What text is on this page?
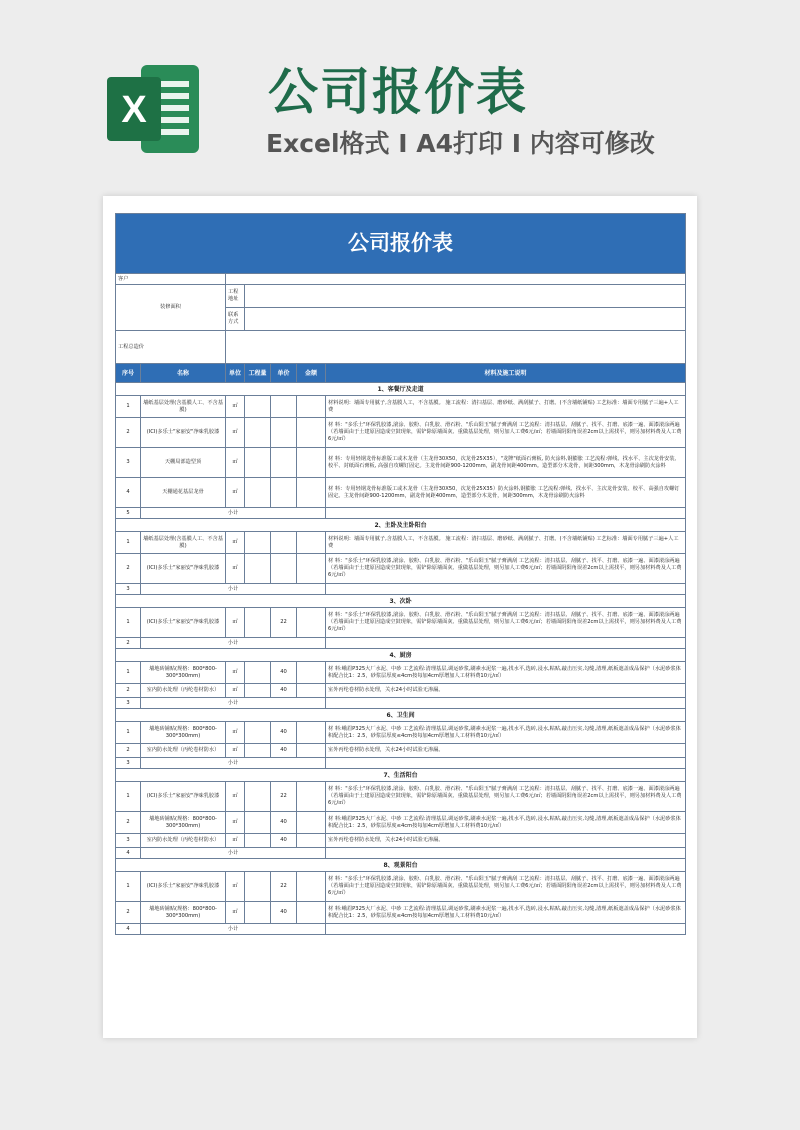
X 公司报价表
Excel格式 I A4打印 I 内容可修改
公司报价表						
客户						
装修面积		工程地址				
		联系方式				
工程总造价						
序号	名称	单位	工程量	单价	金额	材料及施工说明
1、客餐厅及走道						
1	墙纸基层处理(含基膜人工、不含基膜)	㎡				材料说明：墙面专用腻子,含基膜人工，不含基膜。 施工流程：清扫基层、磨砂纸、满刮腻子、打磨。(不含墙纸铺贴) 工艺标准：墙面专用腻子三遍+人工费
2	(ICI)多乐士"家丽安"净味乳胶漆	㎡				材 料："多乐士"环保乳胶漆,滚涂、胶粉、白乳胶、滑石粉、"乐山阳玉"腻子膏满刮 工艺流程：清扫基层、刮腻子、找平、打磨、底漆一遍、面漆滚涂两遍（若墙面由于土建原因造成空鼓现象，需铲除原墙面灰、重做基层处理，则另加人工费6元/㎡；若墙面阴阳角误差2cm以上需找平，则另加材料费及人工费6元/㎡）
3	天棚局部造型顶	㎡				材 料：专用轻钢龙骨标准版工或木龙骨（主龙骨30X50，次龙骨25X35），"龙牌"纸面石膏板, 防火涂料,钢膨胀 工艺流程:弹线、找水平、主次龙骨安装、校平、封纸面石膏板, 高强自攻螺钉固定。主龙骨间距900-1200mm，副龙骨间距400mm。造型部分木龙骨，间距300mm，木龙骨涂刷防火涂料
4	天棚通花基层龙骨	㎡				材 料：专用轻钢龙骨标准版工或木龙骨（主龙骨30X50，次龙骨25X35）防火涂料,钢膨胀 工艺流程:弹线、找水平、主次龙骨安装、校平、高强自攻螺钉固定。主龙骨间距900-1200mm，副龙骨间距400mm，造型部分木龙骨，间距300mm，木龙骨涂刷防火涂料
5	小计					
2、主卧及主卧阳台						
1	墙纸基层处理(含基膜人工、不含基膜)	㎡				材料说明：墙面专用腻子,含基膜人工，不含基膜。 施工流程：清扫基层、磨砂纸、满刮腻子、打磨。(不含墙纸铺贴) 工艺标准：墙面专用腻子三遍+人工费
2	(ICI)多乐士"家丽安"净味乳胶漆	㎡				材 料："多乐士"环保乳胶漆,滚涂、胶粉、白乳胶、滑石粉、"乐山阳玉"腻子膏满刮 工艺流程：清扫基层、刮腻子、找平、打磨、底漆一遍、面漆滚涂两遍（若墙面由于土建原因造成空鼓现象，需铲除原墙面灰、重做基层处理，则另加人工费6元/㎡；若墙面阴阳角误差2cm以上需找平，则另加材料费及人工费6元/㎡）
3	小计					
3、次卧						
1	(ICI)多乐士"家丽安"净味乳胶漆	㎡		22		材 料："多乐士"环保乳胶漆,滚涂、胶粉、白乳胶、滑石粉、"乐山阳玉"腻子膏满刮 工艺流程：清扫基层、刮腻子、找平、打磨、底漆一遍、面漆滚涂两遍（若墙面由于土建原因造成空鼓现象，需铲除原墙面灰、重做基层处理，则另加人工费6元/㎡；若墙面阴阳角误差2cm以上需找平，则另加材料费及人工费6元/㎡）
2	小计					
4、厨房						
1	墙地砖铺贴(规格：800*800-300*300mm)	㎡		40		材 料:峨眉P325大厂水泥、中砂 工艺流程:清理基层,调运砂浆,刷素水泥浆一遍,找水平,选砖,浸水,粘贴,敲击压实,勾缝,清理,纸板遮盖成品保护（水泥砂浆体积配合比1：2.5，砂浆层厚度≤4cm按每加4cm厚增加人工材料费10元/㎡）
2	室内防水处理（丙纶卷材防水）	㎡		40		室外丙纶卷材防水处理，关水24小时试验无渗漏。
3	小计					
6、卫生间						
1	墙地砖铺贴(规格：800*800-300*300mm)	㎡		40		材 料:峨眉P325大厂水泥、中砂 工艺流程:清理基层,调运砂浆,刷素水泥浆一遍,找水平,选砖,浸水,粘贴,敲击压实,勾缝,清理,纸板遮盖成品保护（水泥砂浆体积配合比1：2.5，砂浆层厚度≤4cm按每加4cm厚增加人工材料费10元/㎡）
2	室内防水处理（丙纶卷材防水）	㎡		40		室外丙纶卷材防水处理，关水24小时试验无渗漏。
3	小计					
7、生活阳台						
1	(ICI)多乐士"家丽安"净味乳胶漆	㎡		22		材 料："多乐士"环保乳胶漆,滚涂、胶粉、白乳胶、滑石粉、"乐山阳玉"腻子膏满刮 工艺流程：清扫基层、刮腻子、找平、打磨、底漆一遍、面漆滚涂两遍（若墙面由于土建原因造成空鼓现象，需铲除原墙面灰、重做基层处理，则另加人工费6元/㎡；若墙面阴阳角误差2cm以上需找平，则另加材料费及人工费6元/㎡）
2	墙地砖铺贴(规格：800*800-300*300mm)	㎡		40		材 料:峨眉P325大厂水泥、中砂 工艺流程:清理基层,调运砂浆,刷素水泥浆一遍,找水平,选砖,浸水,粘贴,敲击压实,勾缝,清理,纸板遮盖成品保护（水泥砂浆体积配合比1：2.5，砂浆层厚度≤4cm按每加4cm厚增加人工材料费10元/㎡）
3	室内防水处理（丙纶卷材防水）	㎡		40		室外丙纶卷材防水处理，关水24小时试验无渗漏。
4	小计					
8、观景阳台						
1	(ICI)多乐士"家丽安"净味乳胶漆	㎡		22		材 料："多乐士"环保乳胶漆,滚涂、胶粉、白乳胶、滑石粉、"乐山阳玉"腻子膏满刮 工艺流程：清扫基层、刮腻子、找平、打磨、底漆一遍、面漆滚涂两遍（若墙面由于土建原因造成空鼓现象，需铲除原墙面灰、重做基层处理，则另加人工费6元/㎡；若墙面阴阳角误差2cm以上需找平，则另加材料费及人工费6元/㎡）
2	墙地砖铺贴(规格：800*800-300*300mm)	㎡		40		材 料:峨眉P325大厂水泥、中砂 工艺流程:清理基层,调运砂浆,刷素水泥浆一遍,找水平,选砖,浸水,粘贴,敲击压实,勾缝,清理,纸板遮盖成品保护（水泥砂浆体积配合比1：2.5，砂浆层厚度≤4cm按每加4cm厚增加人工材料费10元/㎡）
4	小计					
